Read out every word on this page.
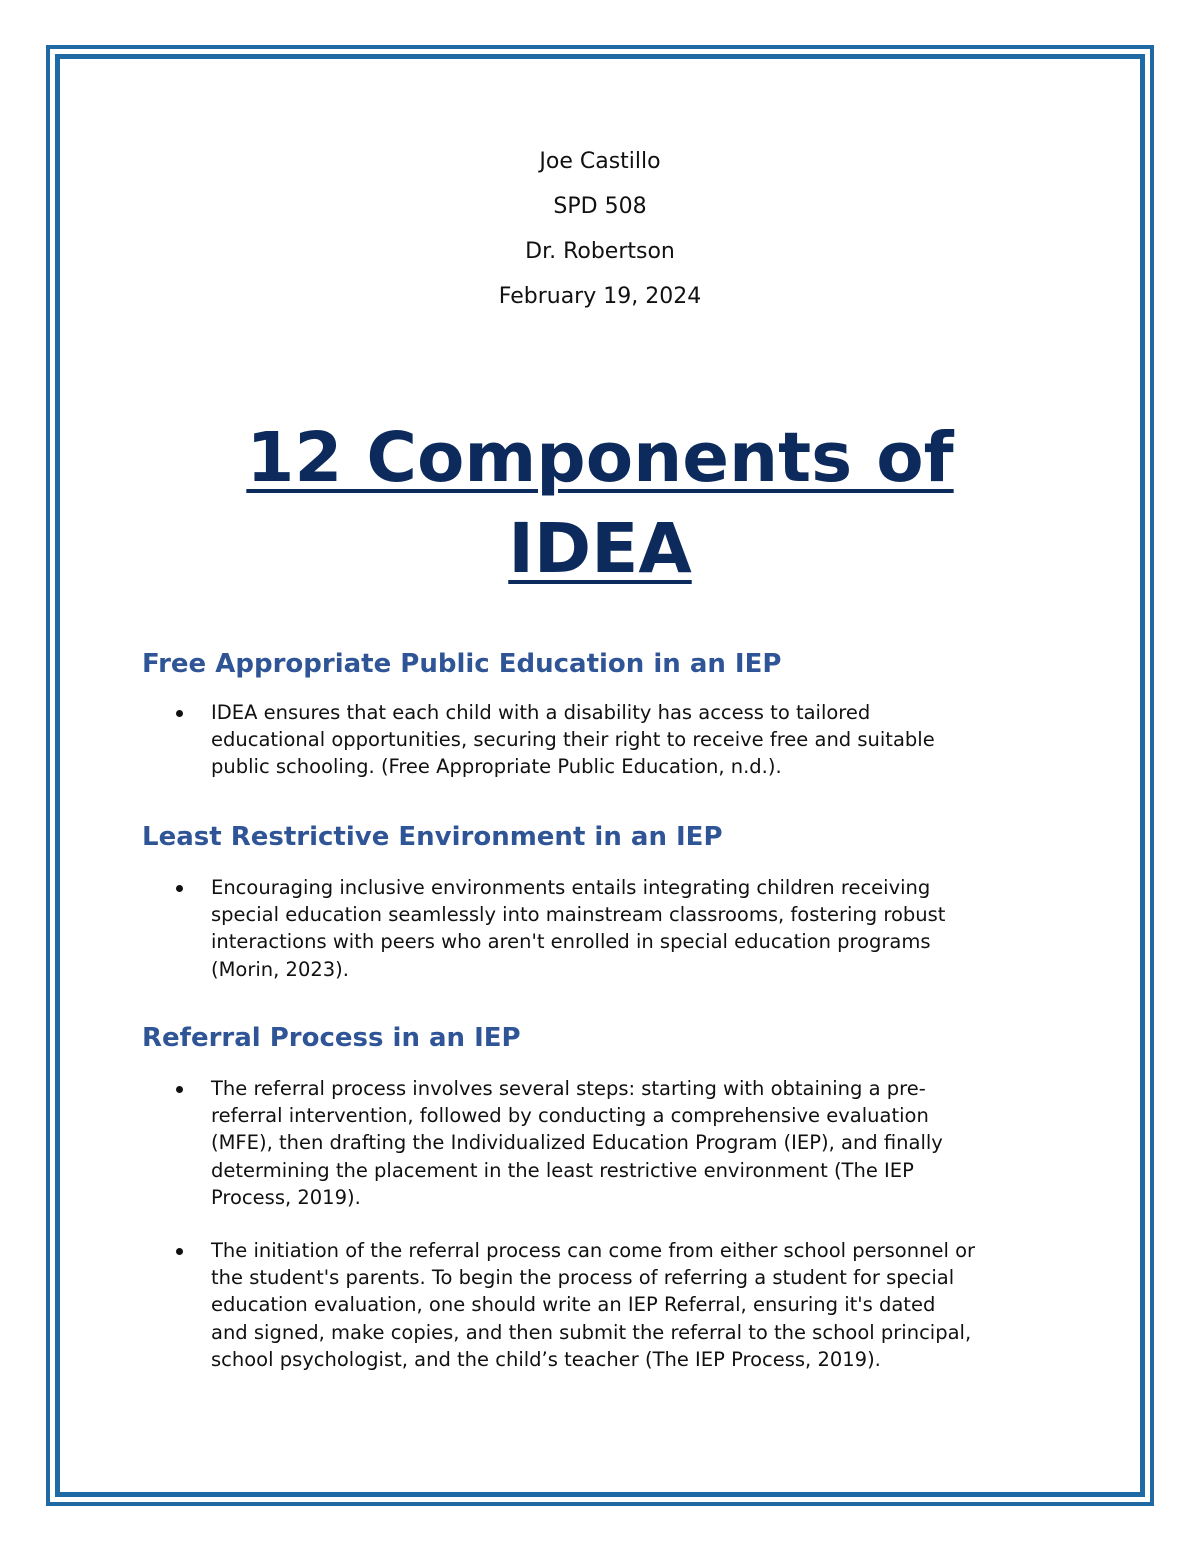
Joe Castillo
SPD 508
Dr. Robertson
February 19, 2024
12 Components of
IDEA
Free Appropriate Public Education in an IEP
IDEA ensures that each child with a disability has access to tailored
educational opportunities, securing their right to receive free and suitable
public schooling. (Free Appropriate Public Education, n.d.).
Least Restrictive Environment in an IEP
Encouraging inclusive environments entails integrating children receiving
special education seamlessly into mainstream classrooms, fostering robust
interactions with peers who aren't enrolled in special education programs
(Morin, 2023).
Referral Process in an IEP
The referral process involves several steps: starting with obtaining a pre-
referral intervention, followed by conducting a comprehensive evaluation
(MFE), then drafting the Individualized Education Program (IEP), and finally
determining the placement in the least restrictive environment (The IEP
Process, 2019).
The initiation of the referral process can come from either school personnel or
the student's parents. To begin the process of referring a student for special
education evaluation, one should write an IEP Referral, ensuring it's dated
and signed, make copies, and then submit the referral to the school principal,
school psychologist, and the child’s teacher (The IEP Process, 2019).
